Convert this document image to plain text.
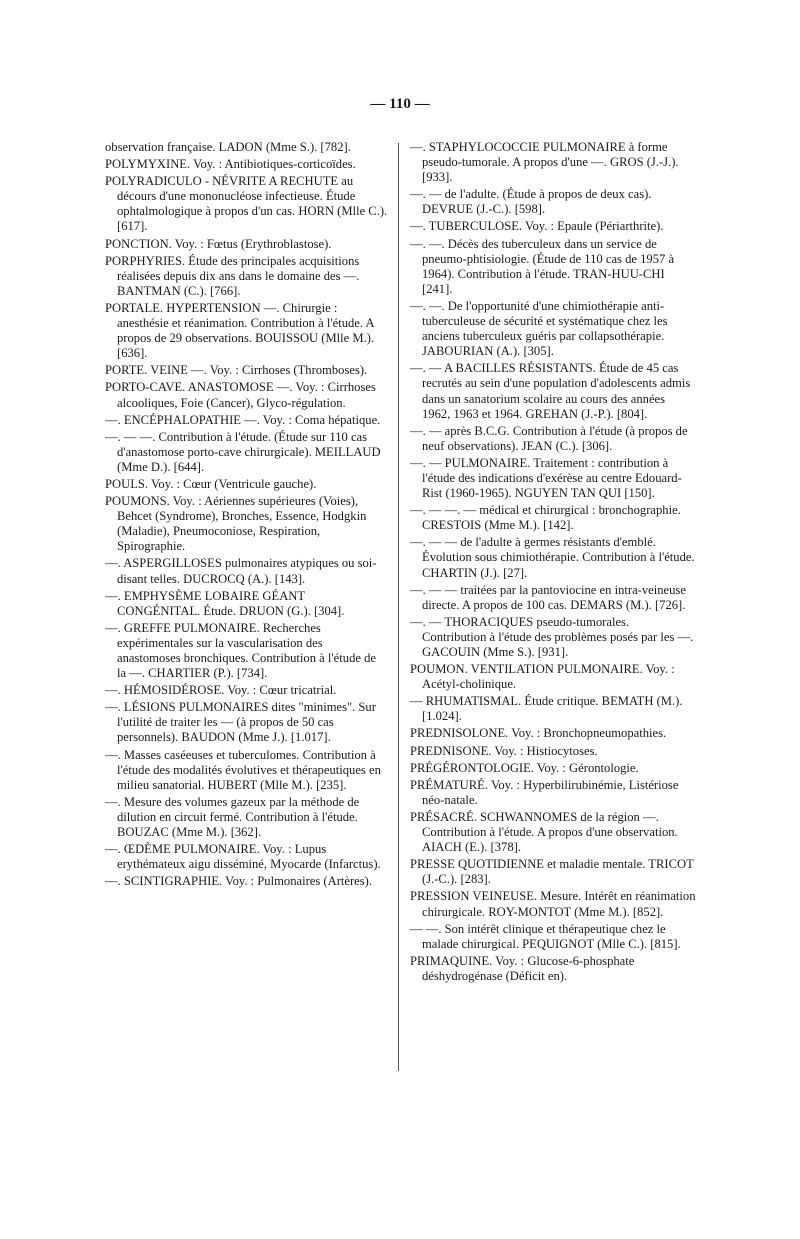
— 110 —

observation française. LADON (Mme S.). [782].

POLYMYXINE. Voy. : Antibiotiques-corticoïdes.

POLYRADICULO - NÉVRITE A RECHUTE au décours d'une mononucléose infectieuse. Étude ophtalmologique à propos d'un cas. HORN (Mlle C.). [617].

PONCTION. Voy. : Fœtus (Erythroblastose).

PORPHYRIES. Étude des principales acquisitions réalisées depuis dix ans dans le domaine des —. BANTMAN (C.). [766].

PORTALE. HYPERTENSION —. Chirurgie : anesthésie et réanimation. Contribution à l'étude. A propos de 29 observations. BOUISSOU (Mlle M.). [636].

PORTE. VEINE —. Voy. : Cirrhoses (Thromboses).

PORTO-CAVE. ANASTOMOSE —. Voy. : Cirrhoses alcooliques, Foie (Cancer), Glyco-régulation.

—. ENCÉPHALOPATHIE —. Voy. : Coma hépatique.

—. — —. Contribution à l'étude. (Étude sur 110 cas d'anastomose porto-cave chirurgicale). MEILLAUD (Mme D.). [644].

POULS. Voy. : Cœur (Ventricule gauche).

POUMONS. Voy. : Aériennes supérieures (Voies), Behcet (Syndrome), Bronches, Essence, Hodgkin (Maladie), Pneumoconiose, Respiration, Spirographie.

—. ASPERGILLOSES pulmonaires atypiques ou soi-disant telles. DUCROCQ (A.). [143].

—. EMPHYSÈME LOBAIRE GÉANT CONGÉNITAL. Étude. DRUON (G.). [304].

—. GREFFE PULMONAIRE. Recherches expérimentales sur la vascularisation des anastomoses bronchiques. Contribution à l'étude de la —. CHARTIER (P.). [734].

—. HÉMOSIDÉROSE. Voy. : Cœur tricatrial.

—. LÉSIONS PULMONAIRES dites "minimes". Sur l'utilité de traiter les — (à propos de 50 cas personnels). BAUDON (Mme J.). [1.017].

—. Masses caséeuses et tuberculomes. Contribution à l'étude des modalités évolutives et thérapeutiques en milieu sanatorial. HUBERT (Mlle M.). [235].

—. Mesure des volumes gazeux par la méthode de dilution en circuit fermé. Contribution à l'étude. BOUZAC (Mme M.). [362].

—. ŒDÈME PULMONAIRE. Voy. : Lupus erythémateux aigu disséminé, Myocarde (Infarctus).

—. SCINTIGRAPHIE. Voy. : Pulmonaires (Artères).

—. STAPHYLOCOCCIE PULMONAIRE à forme pseudo-tumorale. A propos d'une —. GROS (J.-J.). [933].

—. — de l'adulte. (Étude à propos de deux cas). DEVRUE (J.-C.). [598].

—. TUBERCULOSE. Voy. : Epaule (Périarthrite).

—. —. Décès des tuberculeux dans un service de pneumo-phtisiologie. (Étude de 110 cas de 1957 à 1964). Contribution à l'étude. TRAN-HUU-CHI [241].

—. —. De l'opportunité d'une chimiothérapie anti-tuberculeuse de sécurité et systématique chez les anciens tuberculeux guéris par collapsothérapie. JABOURIAN (A.). [305].

—. — A BACILLES RÉSISTANTS. Étude de 45 cas recrutés au sein d'une population d'adolescents admis dans un sanatorium scolaire au cours des années 1962, 1963 et 1964. GREHAN (J.-P.). [804].

—. — après B.C.G. Contribution à l'étude (à propos de neuf observations). JEAN (C.). [306].

—. — PULMONAIRE. Traitement : contribution à l'étude des indications d'exérèse au centre Edouard-Rist (1960-1965). NGUYEN TAN QUI [150].

—. — —. — médical et chirurgical : bronchographie. CRESTOIS (Mme M.). [142].

—. — — de l'adulte à germes résistants d'emblé. Évolution sous chimiothérapie. Contribution à l'étude. CHARTIN (J.). [27].

—. — — traitées par la pantoviocine en intra-veineuse directe. A propos de 100 cas. DEMARS (M.). [726].

—. — THORACIQUES pseudo-tumorales. Contribution à l'étude des problèmes posés par les —. GACOUIN (Mme S.). [931].

POUMON. VENTILATION PULMONAIRE. Voy. : Acétyl-cholinique.

— RHUMATISMAL. Étude critique. BEMATH (M.). [1.024].

PREDNISOLONE. Voy. : Bronchopneumopathies.

PREDNISONE. Voy. : Histiocytoses.

PRÉGÉRONTOLOGIE. Voy. : Gérontologie.

PRÉMATURÉ. Voy. : Hyperbilirubinémie, Listériose néo-natale.

PRÉSACRÉ. SCHWANNOMES de la région —. Contribution à l'étude. A propos d'une observation. AIACH (E.). [378].

PRESSE QUOTIDIENNE et maladie mentale. TRICOT (J.-C.). [283].

PRESSION VEINEUSE. Mesure. Intérêt en réanimation chirurgicale. ROY-MONTOT (Mme M.). [852].

— —. Son intérêt clinique et thérapeutique chez le malade chirurgical. PEQUIGNOT (Mlle C.). [815].

PRIMAQUINE. Voy. : Glucose-6-phosphate déshydrogénase (Déficit en).
